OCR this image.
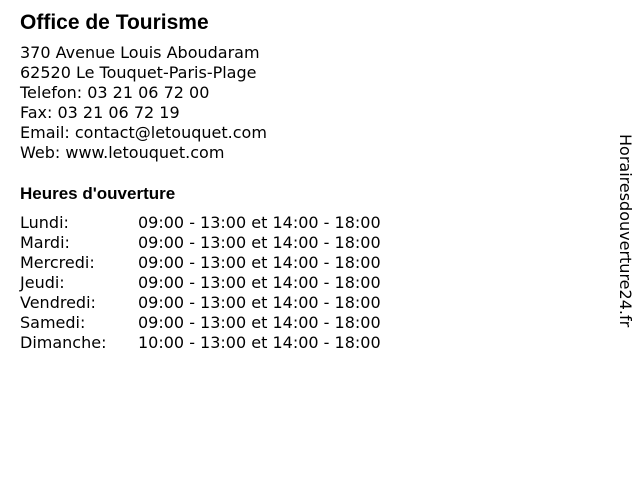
Office de Tourisme
370 Avenue Louis Aboudaram
62520 Le Touquet-Paris-Plage
Telefon: 03 21 06 72 00
Fax: 03 21 06 72 19
Email: contact@letouquet.com
Web: www.letouquet.com
Heures d'ouverture
Lundi:	09:00 - 13:00 et 14:00 - 18:00
Mardi:	09:00 - 13:00 et 14:00 - 18:00
Mercredi:	09:00 - 13:00 et 14:00 - 18:00
Jeudi:	09:00 - 13:00 et 14:00 - 18:00
Vendredi:	09:00 - 13:00 et 14:00 - 18:00
Samedi:	09:00 - 13:00 et 14:00 - 18:00
Dimanche:	10:00 - 13:00 et 14:00 - 18:00
Horairesdouverture24.fr
